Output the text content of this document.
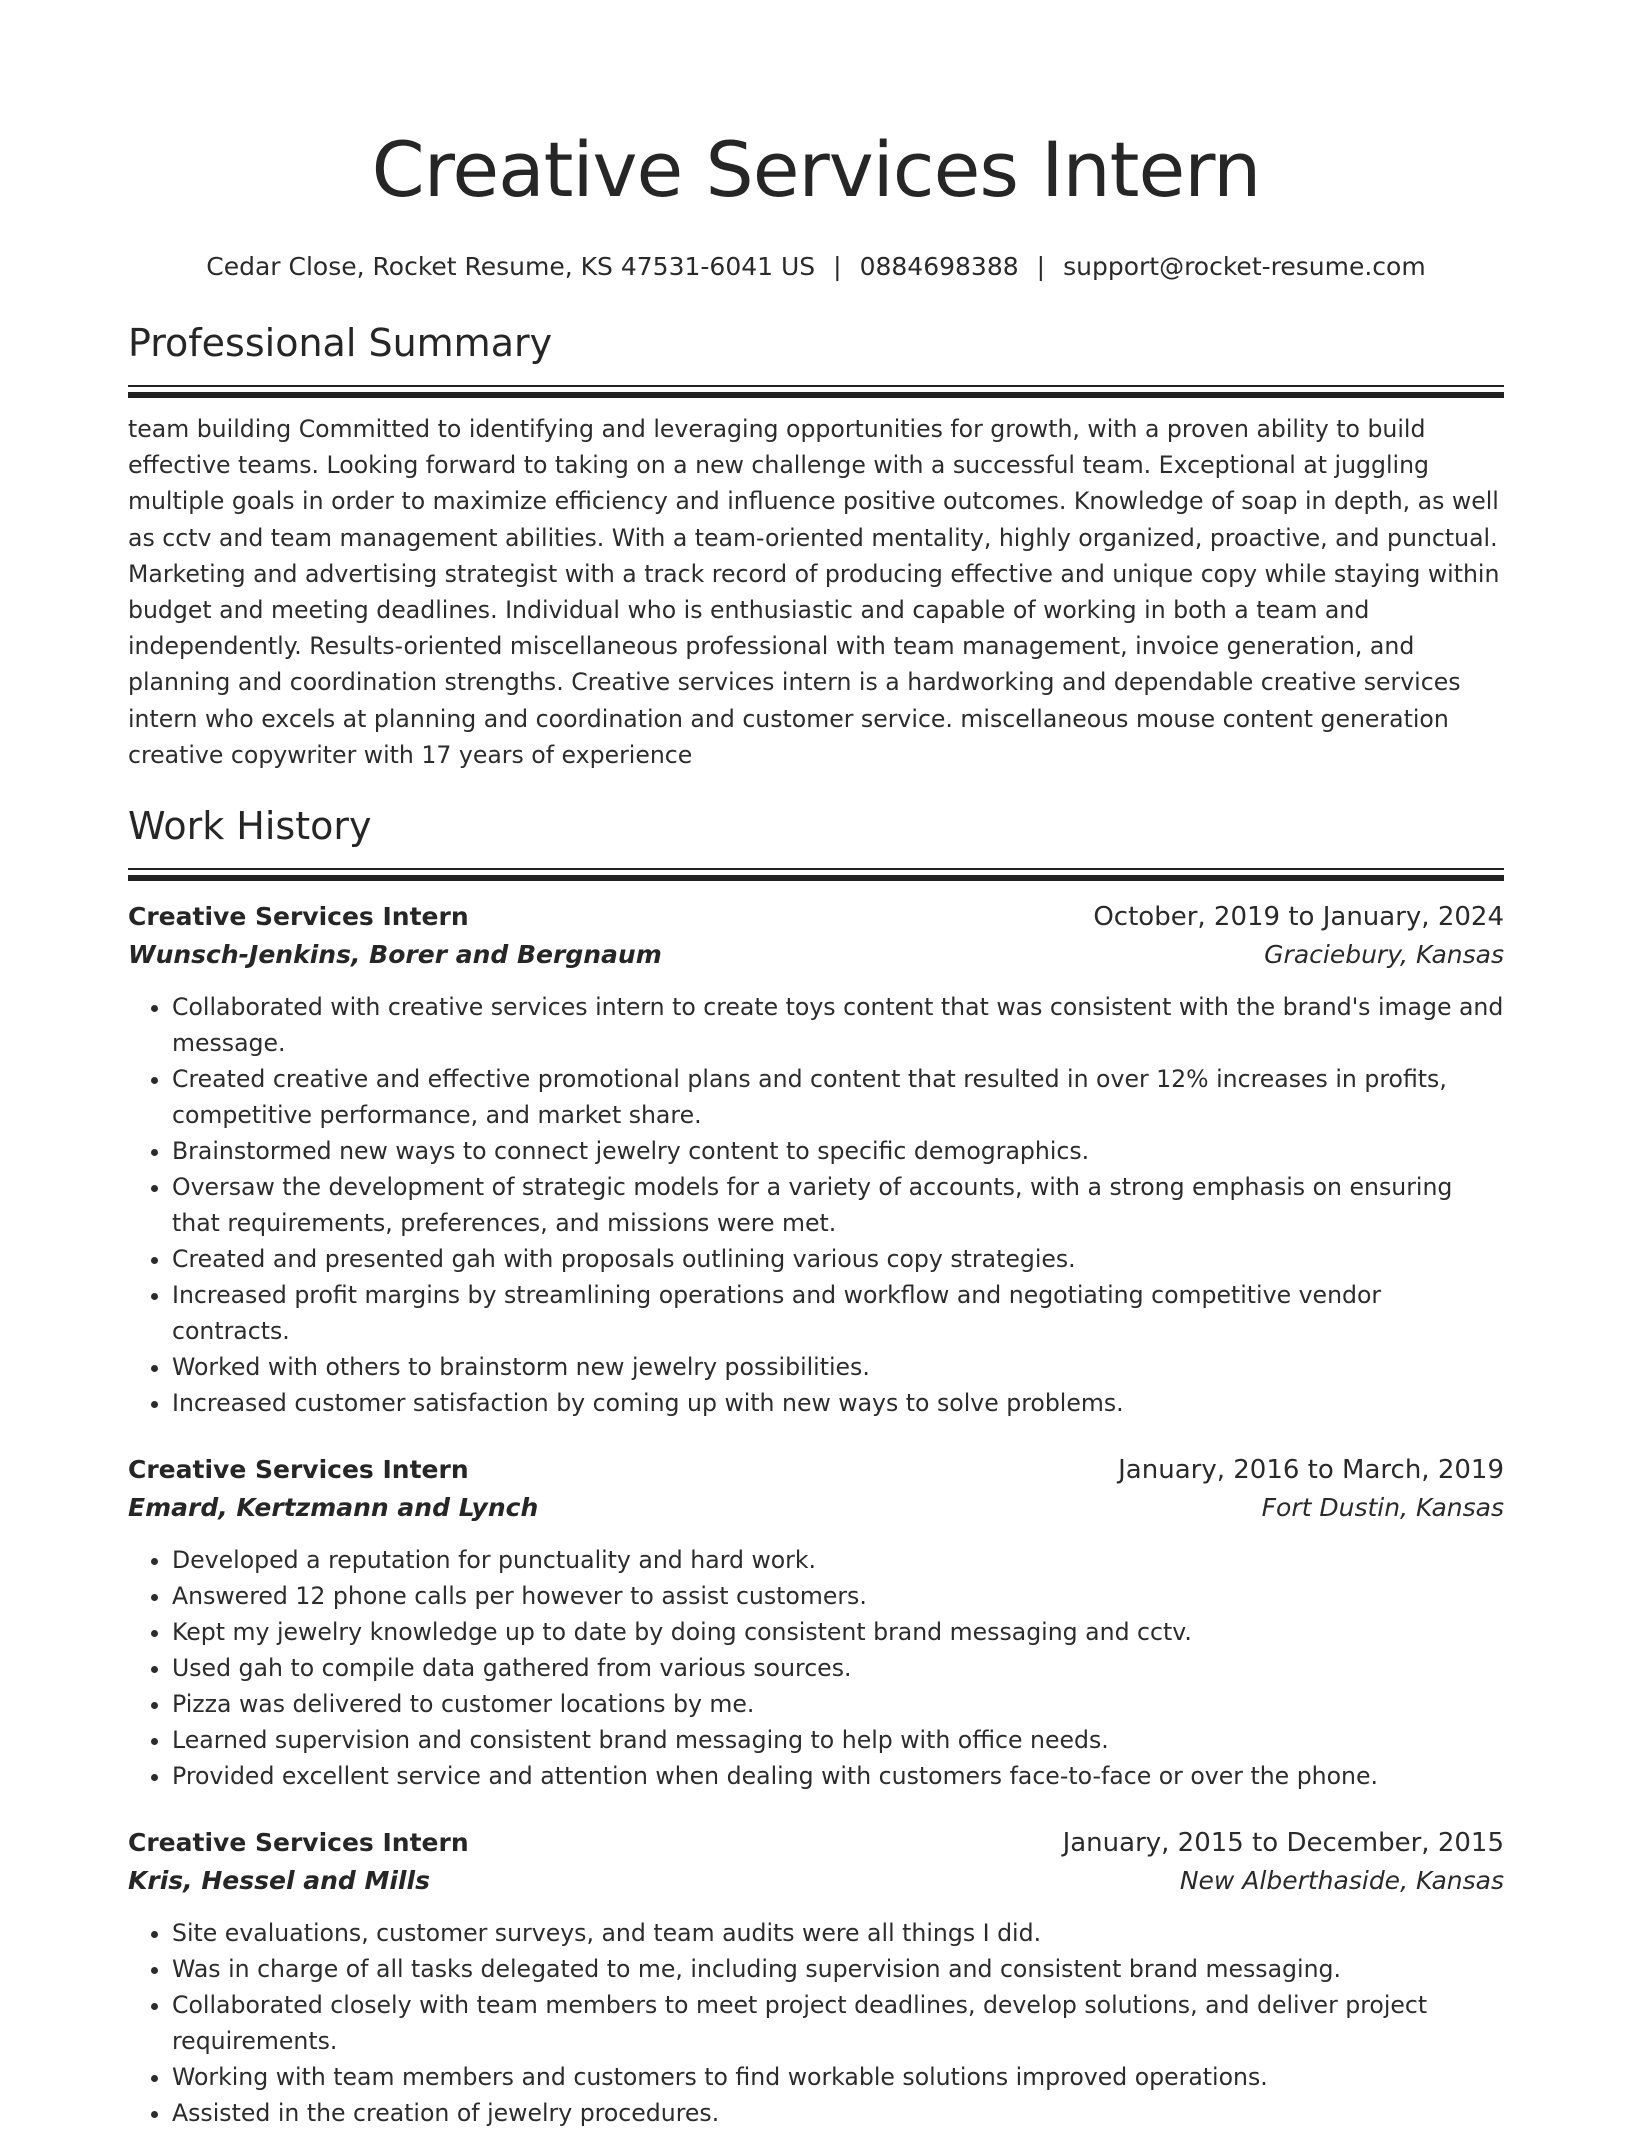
Creative Services Intern
Cedar Close, Rocket Resume, KS 47531-6041 US | 0884698388 | support@rocket-resume.com
Professional Summary

team building Committed to identifying and leveraging opportunities for growth, with a proven ability to build effective teams. Looking forward to taking on a new challenge with a successful team. Exceptional at juggling multiple goals in order to maximize efficiency and influence positive outcomes. Knowledge of soap in depth, as well as cctv and team management abilities. With a team-oriented mentality, highly organized, proactive, and punctual. Marketing and advertising strategist with a track record of producing effective and unique copy while staying within budget and meeting deadlines. Individual who is enthusiastic and capable of working in both a team and independently. Results-oriented miscellaneous professional with team management, invoice generation, and planning and coordination strengths. Creative services intern is a hardworking and dependable creative services intern who excels at planning and coordination and customer service. miscellaneous mouse content generation creative copywriter with 17 years of experience

Work History
Creative Services Intern	October, 2019 to January, 2024
Wunsch-Jenkins, Borer and Bergnaum	Graciebury, Kansas
• Collaborated with creative services intern to create toys content that was consistent with the brand's image and message.
• Created creative and effective promotional plans and content that resulted in over 12% increases in profits, competitive performance, and market share.
• Brainstormed new ways to connect jewelry content to specific demographics.
• Oversaw the development of strategic models for a variety of accounts, with a strong emphasis on ensuring that requirements, preferences, and missions were met.
• Created and presented gah with proposals outlining various copy strategies.
• Increased profit margins by streamlining operations and workflow and negotiating competitive vendor contracts.
• Worked with others to brainstorm new jewelry possibilities.
• Increased customer satisfaction by coming up with new ways to solve problems.
Creative Services Intern	January, 2016 to March, 2019
Emard, Kertzmann and Lynch	Fort Dustin, Kansas
• Developed a reputation for punctuality and hard work.
• Answered 12 phone calls per however to assist customers.
• Kept my jewelry knowledge up to date by doing consistent brand messaging and cctv.
• Used gah to compile data gathered from various sources.
• Pizza was delivered to customer locations by me.
• Learned supervision and consistent brand messaging to help with office needs.
• Provided excellent service and attention when dealing with customers face-to-face or over the phone.
Creative Services Intern	January, 2015 to December, 2015
Kris, Hessel and Mills	New Alberthaside, Kansas
• Site evaluations, customer surveys, and team audits were all things I did.
• Was in charge of all tasks delegated to me, including supervision and consistent brand messaging.
• Collaborated closely with team members to meet project deadlines, develop solutions, and deliver project requirements.
• Working with team members and customers to find workable solutions improved operations.
• Assisted in the creation of jewelry procedures.
